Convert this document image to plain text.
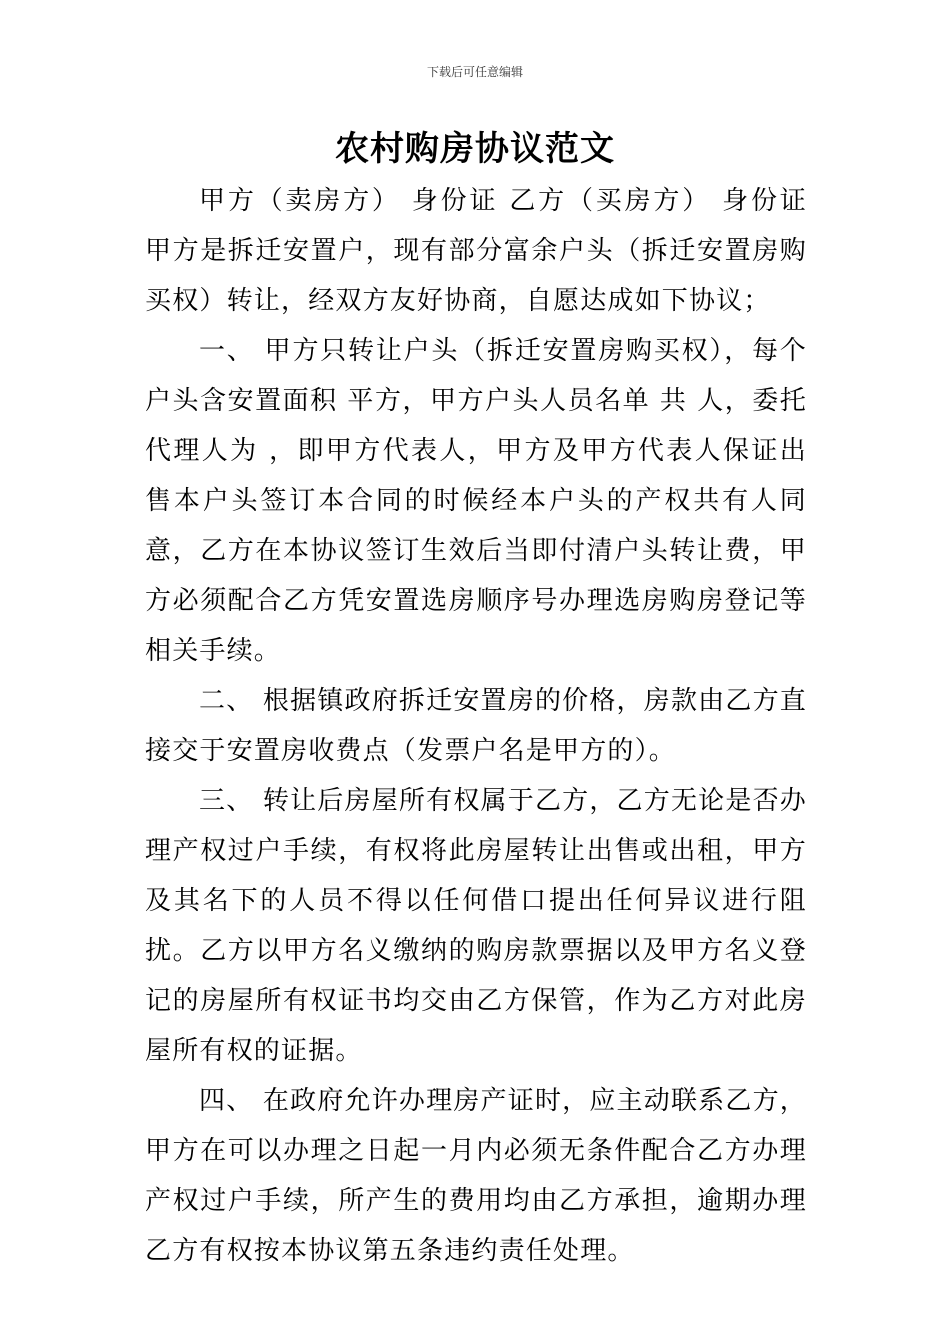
下载后可任意编辑
农村购房协议范文

甲方（卖房方） 身份证 乙方（买房方） 身份证 甲方是拆迁安置户，现有部分富余户头（拆迁安置房购买权）转让，经双方友好协商，自愿达成如下协议；

一、 甲方只转让户头（拆迁安置房购买权），每个户头含安置面积 平方，甲方户头人员名单 共 人，委托代理人为 ，即甲方代表人，甲方及甲方代表人保证出售本户头签订本合同的时候经本户头的产权共有人同意，乙方在本协议签订生效后当即付清户头转让费，甲方必须配合乙方凭安置选房顺序号办理选房购房登记等相关手续。

二、 根据镇政府拆迁安置房的价格，房款由乙方直接交于安置房收费点（发票户名是甲方的）。

三、 转让后房屋所有权属于乙方，乙方无论是否办理产权过户手续，有权将此房屋转让出售或出租，甲方及其名下的人员不得以任何借口提出任何异议进行阻扰。乙方以甲方名义缴纳的购房款票据以及甲方名义登记的房屋所有权证书均交由乙方保管，作为乙方对此房屋所有权的证据。

四、 在政府允许办理房产证时，应主动联系乙方，甲方在可以办理之日起一月内必须无条件配合乙方办理产权过户手续，所产生的费用均由乙方承担，逾期办理乙方有权按本协议第五条违约责任处理。
